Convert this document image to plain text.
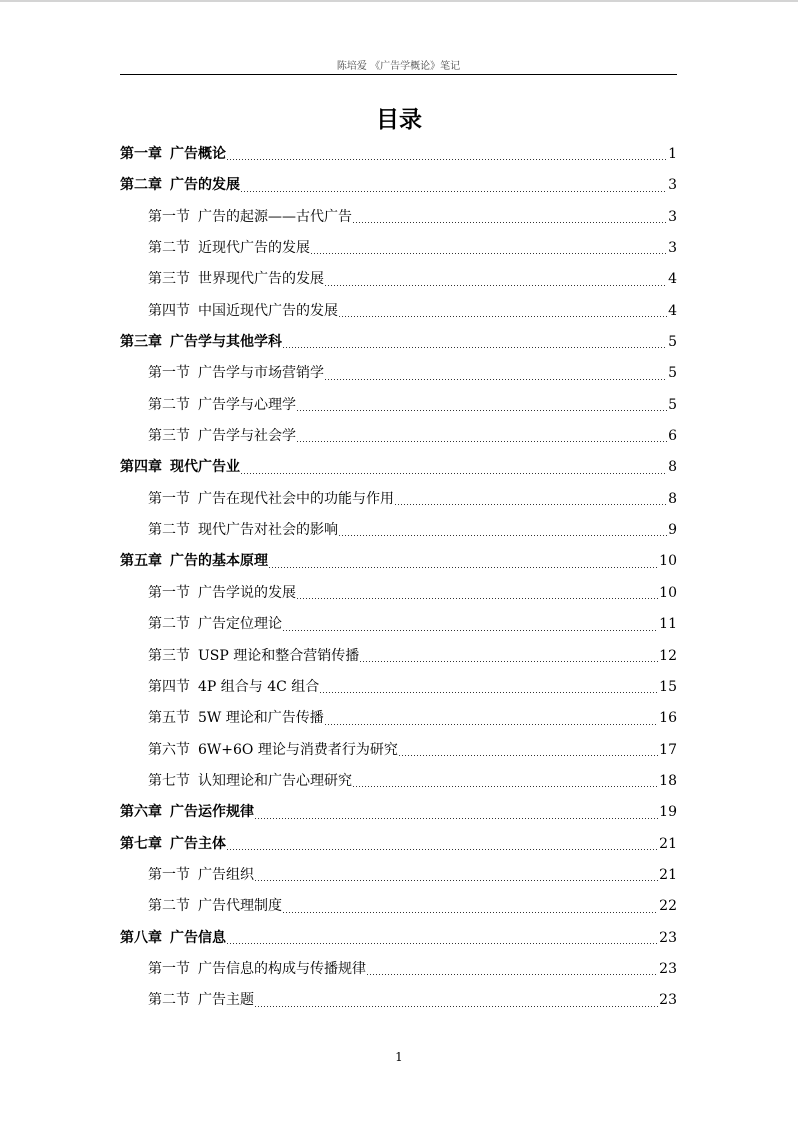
陈培爱 《广告学概论》笔记
目录
第一章 广告概论	1
第二章 广告的发展	3
第一节 广告的起源——古代广告	3
第二节 近现代广告的发展	3
第三节 世界现代广告的发展	4
第四节 中国近现代广告的发展	4
第三章 广告学与其他学科	5
第一节 广告学与市场营销学	5
第二节 广告学与心理学	5
第三节 广告学与社会学	6
第四章 现代广告业	8
第一节 广告在现代社会中的功能与作用	8
第二节 现代广告对社会的影响	9
第五章 广告的基本原理	10
第一节 广告学说的发展	10
第二节 广告定位理论	11
第三节 USP 理论和整合营销传播	12
第四节 4P 组合与 4C 组合	15
第五节 5W 理论和广告传播	16
第六节 6W+6O 理论与消费者行为研究	17
第七节 认知理论和广告心理研究	18
第六章 广告运作规律	19
第七章 广告主体	21
第一节 广告组织	21
第二节 广告代理制度	22
第八章 广告信息	23
第一节 广告信息的构成与传播规律	23
第二节 广告主题	23
1
